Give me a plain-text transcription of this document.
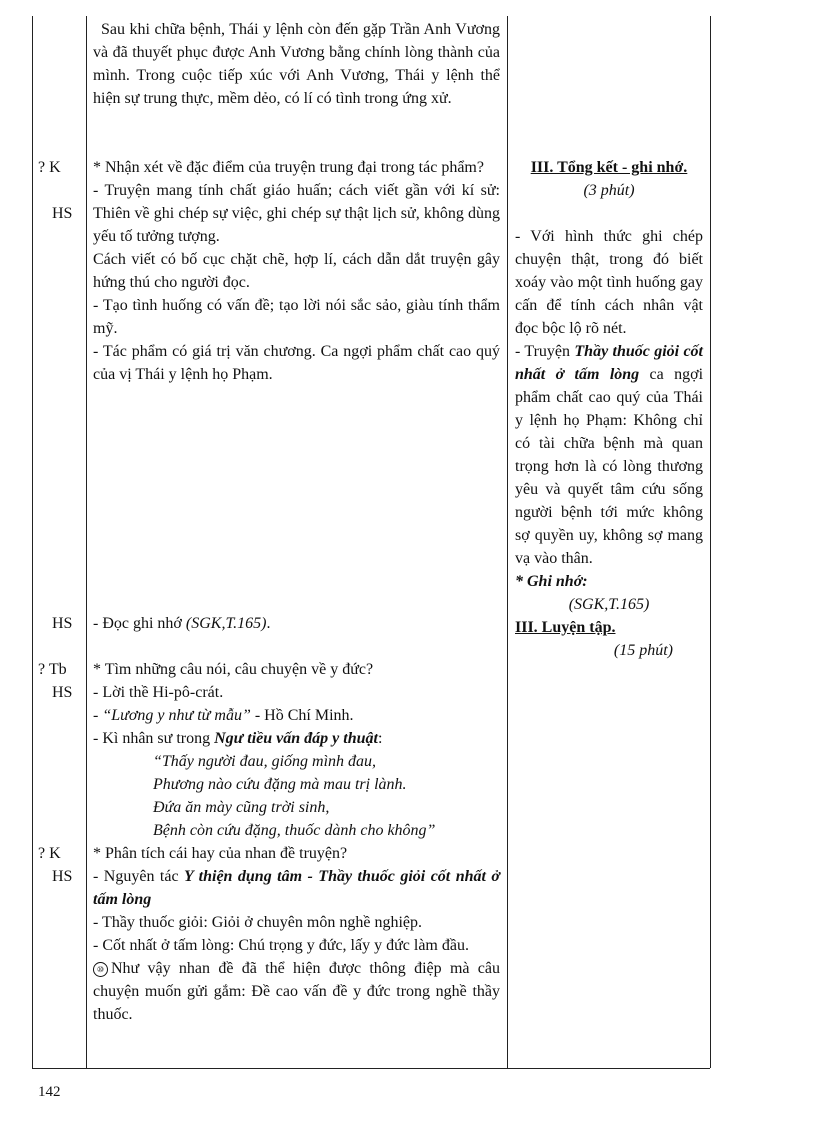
? K
HS
HS
? Tb
HS
? K
HS

Sau khi chữa bệnh, Thái y lệnh còn đến gặp Trần Anh Vương và đã thuyết phục được Anh Vương bằng chính lòng thành của mình. Trong cuộc tiếp xúc với Anh Vương, Thái y lệnh thể hiện sự trung thực, mềm dẻo, có lí có tình trong ứng xử.

* Nhận xét về đặc điểm của truyện trung đại trong tác phẩm?

- Truyện mang tính chất giáo huấn; cách viết gần với kí sử: Thiên về ghi chép sự việc, ghi chép sự thật lịch sử, không dùng yếu tố tưởng tượng.

Cách viết có bố cục chặt chẽ, hợp lí, cách dẫn dắt truyện gây hứng thú cho người đọc.

- Tạo tình huống có vấn đề; tạo lời nói sắc sảo, giàu tính thẩm mỹ.

- Tác phẩm có giá trị văn chương. Ca ngợi phẩm chất cao quý của vị Thái y lệnh họ Phạm.

- Đọc ghi nhớ (SGK,T.165).

* Tìm những câu nói, câu chuyện về y đức?

- Lời thề Hi-pô-crát.

- “Lương y như từ mẫu” - Hồ Chí Minh.

- Kì nhân sư trong Ngư tiều vấn đáp y thuật:

“Thấy người đau, giống mình đau,

Phương nào cứu đặng mà mau trị lành.

Đứa ăn mày cũng trời sinh,

Bệnh còn cứu đặng, thuốc dành cho không”

* Phân tích cái hay của nhan đề truyện?

- Nguyên tác Y thiện dụng tâm - Thầy thuốc giỏi cốt nhất ở tấm lòng

- Thầy thuốc giỏi: Giỏi ở chuyên môn nghề nghiệp.

- Cốt nhất ở tấm lòng: Chú trọng y đức, lấy y đức làm đầu.

⑩ Như vậy nhan đề đã thể hiện được thông điệp mà câu chuyện muốn gửi gắm: Đề cao vấn đề y đức trong nghề thầy thuốc.

III. Tổng kết - ghi nhớ.

(3 phút)

- Với hình thức ghi chép chuyện thật, trong đó biết xoáy vào một tình huống gay cấn để tính cách nhân vật đọc bộc lộ rõ nét.

- Truyện Thầy thuốc giỏi cốt nhất ở tấm lòng ca ngợi phẩm chất cao quý của Thái y lệnh họ Phạm: Không chỉ có tài chữa bệnh mà quan trọng hơn là có lòng thương yêu và quyết tâm cứu sống người bệnh tới mức không sợ quyền uy, không sợ mang vạ vào thân.

* Ghi nhớ:

(SGK,T.165)

III. Luyện tập.

(15 phút)

142
